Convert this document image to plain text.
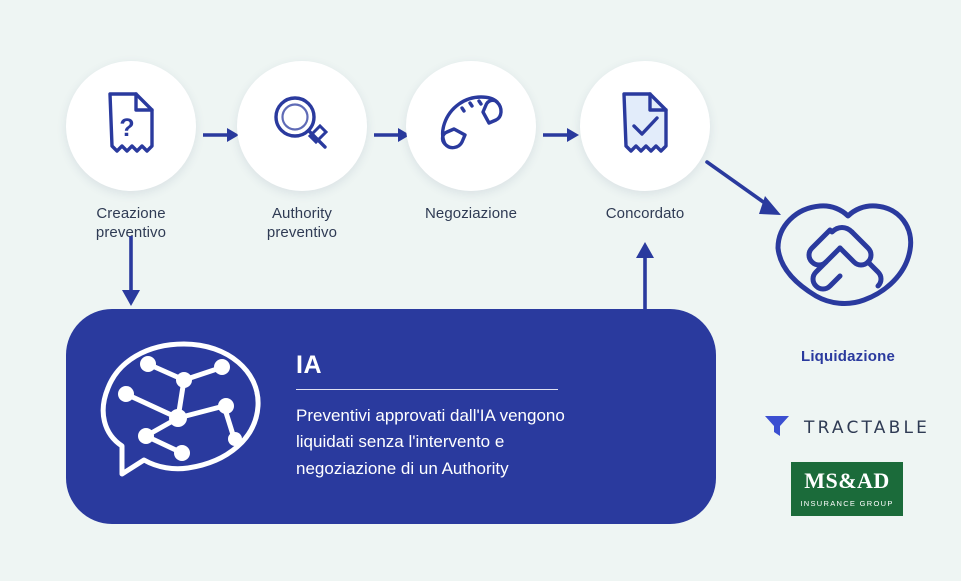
?
Creazione preventivo
Authority
preventivo
Negoziazione	Concordato
IA
Preventivi approvati dall'IA vengono liquidati senza l'intervento e negoziazione di un Authority
Liquidazione
TRACTABLE
MS&AD
INSURANCE GROUP
